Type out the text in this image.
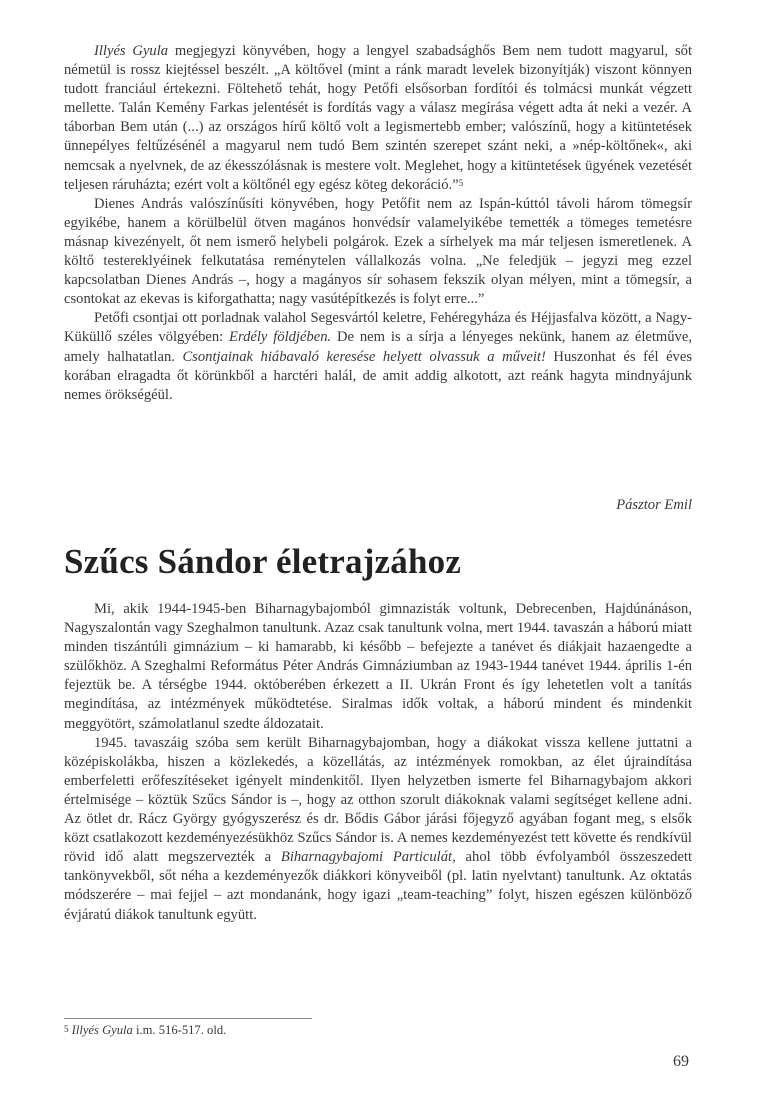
Illyés Gyula megjegyzi könyvében, hogy a lengyel szabadsághős Bem nem tudott magyarul, sőt németül is rossz kiejtéssel beszélt. „A költővel (mint a ránk maradt levelek bizonyítják) viszont könnyen tudott franciául értekezni. Föltehető tehát, hogy Petőfi elsősorban fordítói és tolmácsi munkát végzett mellette. Talán Kemény Farkas jelentését is fordítás vagy a válasz megírása végett adta át neki a vezér. A táborban Bem után (...) az országos hírű költő volt a legismertebb ember; valószínű, hogy a kitüntetések ünnepélyes feltűzésénél a magyarul nem tudó Bem szintén szerepet szánt neki, a »nép-költőnek«, aki nemcsak a nyelvnek, de az ékesszólásnak is mestere volt. Meglehet, hogy a kitüntetések ügyének vezetését teljesen ráruházta; ezért volt a költőnél egy egész köteg dekoráció.”$^5$

Dienes András valószínűsíti könyvében, hogy Petőfit nem az Ispán-kúttól távoli három tömegsír egyikébe, hanem a körülbelül ötven magános honvédsír valamelyikébe temették a tömeges temetésre másnap kivezényelt, őt nem ismerő helybeli polgárok. Ezek a sírhelyek ma már teljesen ismeretlenek. A költő testereklyéinek felkutatása reménytelen vállalkozás volna. „Ne feledjük – jegyzi meg ezzel kapcsolatban Dienes András –, hogy a magányos sír sohasem fekszik olyan mélyen, mint a tömegsír, a csontokat az ekevas is kiforgathatta; nagy vasútépítkezés is folyt erre...”

Petőfi csontjai ott porladnak valahol Segesvártól keletre, Fehéregyháza és Héjjasfalva között, a Nagy-Küküllő széles völgyében: Erdély földjében. De nem is a sírja a lényeges nekünk, hanem az életműve, amely halhatatlan. Csontjainak hiábavaló keresése helyett olvassuk a műveit! Huszonhat és fél éves korában elragadta őt körünkből a harctéri halál, de amit addig alkotott, azt reánk hagyta mindnyájunk nemes örökségéül.

Pásztor Emil
Szűcs Sándor életrajzához

Mi, akik 1944-1945-ben Biharnagybajomból gimnazisták voltunk, Debrecenben, Hajdúnánáson, Nagyszalontán vagy Szeghalmon tanultunk. Azaz csak tanultunk volna, mert 1944. tavaszán a háború miatt minden tiszántúli gimnázium – ki hamarabb, ki később – befejezte a tanévet és diákjait hazaengedte a szülőkhöz. A Szeghalmi Református Péter András Gimnáziumban az 1943-1944 tanévet 1944. április 1-én fejeztük be. A térségbe 1944. októberében érkezett a II. Ukrán Front és így lehetetlen volt a tanítás megindítása, az intézmények működtetése. Siralmas idők voltak, a háború mindent és mindenkit meggyötört, számolatlanul szedte áldozatait.

1945. tavaszáig szóba sem került Biharnagybajomban, hogy a diákokat vissza kellene juttatni a középiskolákba, hiszen a közlekedés, a közellátás, az intézmények romokban, az élet újraindítása emberfeletti erőfeszítéseket igényelt mindenkitől. Ilyen helyzetben ismerte fel Biharnagybajom akkori értelmisége – köztük Szűcs Sándor is –, hogy az otthon szorult diákoknak valami segítséget kellene adni. Az ötlet dr. Rácz György gyógyszerész és dr. Bődis Gábor járási főjegyző agyában fogant meg, s elsők közt csatlakozott kezdeményezésükhöz Szűcs Sándor is. A nemes kezdeményezést tett követte és rendkívül rövid idő alatt megszervezték a Biharnagybajomi Particulát, ahol több évfolyamból összeszedett tankönyvekből, sőt néha a kezdeményezők diákkori könyveiből (pl. latin nyelvtant) tanultunk. Az oktatás módszerére – mai fejjel – azt mondanánk, hogy igazi „team-teaching” folyt, hiszen egészen különböző évjáratú diákok tanultunk együtt.

$^5$ Illyés Gyula i.m. 516-517. old.
69
